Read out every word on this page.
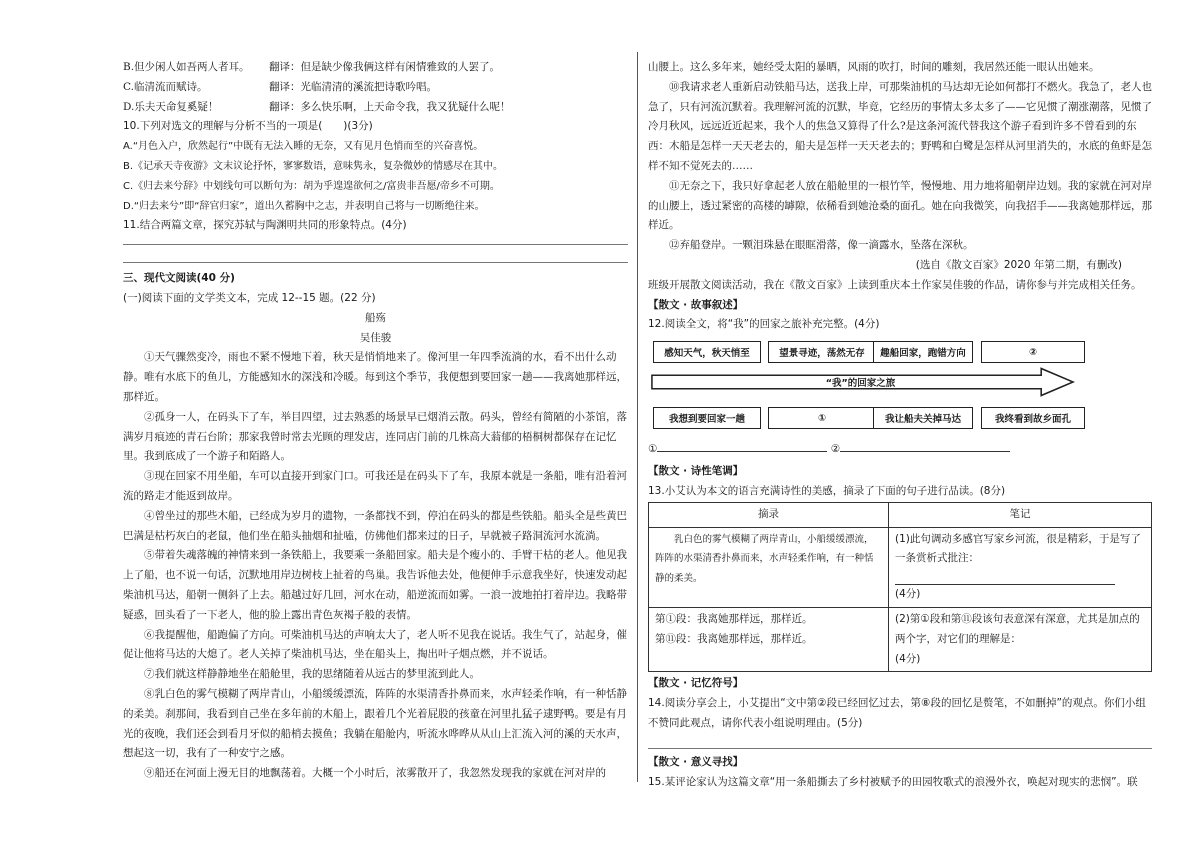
B.但少闲人如吾两人者耳。	翻译：但是缺少像我俩这样有闲情雅致的人罢了。
C.临清流而赋诗。	翻译：光临清清的溪流把诗歌吟唱。
D.乐夫天命复奚疑！	翻译：多么快乐啊，上天命令我，我又犹疑什么呢！

10.下列对选文的理解与分析不当的一项是(　　)(3分)

A.“月色入户，欣然起行”中既有无法入睡的无奈，又有见月色悄而至的兴奋喜悦。

B.《记承天寺夜游》文末议论抒怀，寥寥数语，意味隽永，复杂微妙的情感尽在其中。

C.《归去来兮辞》中划线句可以断句为：胡为乎遑遑欲何之/富贵非吾愿/帝乡不可期。

D.“归去来兮”即“辞官归家”，道出久蓄胸中之志，并表明自己将与一切断绝往来。

11.结合两篇文章，探究苏轼与陶渊明共同的形象特点。(4分)

三、现代文阅读(40 分)

(一)阅读下面的文学类文本，完成 12--15 题。(22 分)

船殇

吴佳骏

①天气骤然变冷，雨也不紧不慢地下着，秋天是悄悄地来了。像河里一年四季流淌的水，看不出什么动静。唯有水底下的鱼儿，方能感知水的深浅和冷暖。每到这个季节，我便想到要回家一趟——我离她那样远，那样近。

②孤身一人，在码头下了车，举目四望，过去熟悉的场景早已烟消云散。码头，曾经有简陋的小茶馆，落满岁月痕迹的青石台阶；那家我曾时常去光顾的理发店，连同店门前的几株高大蓊郁的梧桐树都保存在记忆里。我到底成了一个游子和陌路人。

③现在回家不用坐船，车可以直接开到家门口。可我还是在码头下了车，我原本就是一条船，唯有沿着河流的路走才能返到故岸。

④曾坐过的那些木船，已经成为岁月的遗物，一条都找不到，停泊在码头的都是些铁船。船头全是些黄巴巴满是枯朽灰白的老鼠，他们坐在船头抽烟和扯嗑，仿佛他们都来过的日子，早就被子路洞流河水流淌。

⑤带着失魂落魄的神情来到一条铁船上，我要乘一条船回家。船夫是个瘦小的、手臂干枯的老人。他见我上了船，也不说一句话，沉默地用岸边树枝上扯着的鸟巢。我告诉他去处，他便伸手示意我坐好，快速发动起柴油机马达，船朝一侧斜了上去。船越过好几回，河水在动，船逆流而如雾。一浪一波地拍打着岸边。我略带疑惑，回头看了一下老人，他的脸上露出青色灰褐子般的表情。

⑥我提醒他，船跑偏了方向。可柴油机马达的声响太大了，老人听不见我在说话。我生气了，站起身，催促让他将马达的大熄了。老人关掉了柴油机马达，坐在船头上，掏出叶子烟点燃，并不说话。

⑦我们就这样静静地坐在船舱里，我的思绪随着从远古的梦里流到此人。

⑧乳白色的雾气模糊了两岸青山，小船缓缓漂流，阵阵的水渠清香扑鼻而来，水声轻柔作响，有一种恬静的柔美。刹那间，我看到自己坐在多年前的木船上，跟着几个光着屁股的孩童在河里扎猛子逮野鸭。要是有月光的夜晚，我们还会到看月牙似的船梢去摸鱼；我躺在船舱内，听流水哗哗从从山上汇流入河的溪的天水声，想起这一切，我有了一种安宁之感。

⑨船还在河面上漫无目的地飘荡着。大概一个小时后，浓雾散开了，我忽然发现我的家就在河对岸的

山腰上。这么多年来，她经受太阳的暴晒，风雨的吹打，时间的雕刻，我居然还能一眼认出她来。

⑩我请求老人重新启动铁船马达，送我上岸，可那柴油机的马达却无论如何都打不燃火。我急了，老人也急了，只有河流沉默着。我理解河流的沉默，毕竟，它经历的事情太多太多了——它见惯了潮涨潮落，见惯了冷月秋风，远远近近起来，我个人的焦急又算得了什么?是这条河流代替我这个游子看到许多不曾看到的东西：木船是怎样一天天老去的，船夫是怎样一天天老去的；野鸭和白鹭是怎样从河里消失的，水底的鱼虾是怎样不知不觉死去的……

⑪无奈之下，我只好拿起老人放在船舱里的一根竹竿，慢慢地、用力地将船朝岸边划。我的家就在河对岸的山腰上，透过紧密的高楼的罅隙，依稀看到她沧桑的面孔。她在向我微笑，向我招手——我离她那样远，那样近。

⑫弃船登岸。一颗泪珠悬在眼眶滑落，像一滴露水，坠落在深秋。

(选自《散文百家》2020 年第二期，有删改)

班级开展散文阅读活动，我在《散文百家》上读到重庆本土作家吴佳骏的作品，请你参与并完成相关任务。

【散文 · 故事叙述】

12.阅读全文，将“我”的回家之旅补充完整。(4分)

感知天气，秋天悄至	望景寻迹，荡然无存	趣船回家，跑错方向	②
“我”的回家之旅
我想到要回家一趟	①	我让船夫关掉马达	我终看到故乡面孔
①	②

【散文 · 诗性笔调】

13.小艾认为本文的语言充满诗性的美感，摘录了下面的句子进行品读。(8分)

摘录	笔记

乳白色的雾气模糊了两岸青山，小船缓缓漂流，阵阵的水渠清香扑鼻而来，水声轻柔作响，有一种恬静的柔美。	(1)此句调动多感官写家乡河流，很是精彩，于是写了一条赏析式批注：
(4分)

第①段：我离她那样远，那样近。
第⑪段：我离她那样远，那样近。	(2)第①段和第⑪段该句表意深有深意，尤其是加点的两个字，对它们的理解是：
(4分)

【散文 · 记忆符号】

14.阅读分享会上，小艾提出“文中第②段已经回忆过去，第⑧段的回忆是赘笔，不如删掉”的观点。你们小组不赞同此观点，请你代表小组说明理由。(5分)

【散文 · 意义寻找】

15.某评论家认为这篇文章“用一条船撕去了乡村被赋予的田园牧歌式的浪漫外衣，唤起对现实的悲悯”。联
